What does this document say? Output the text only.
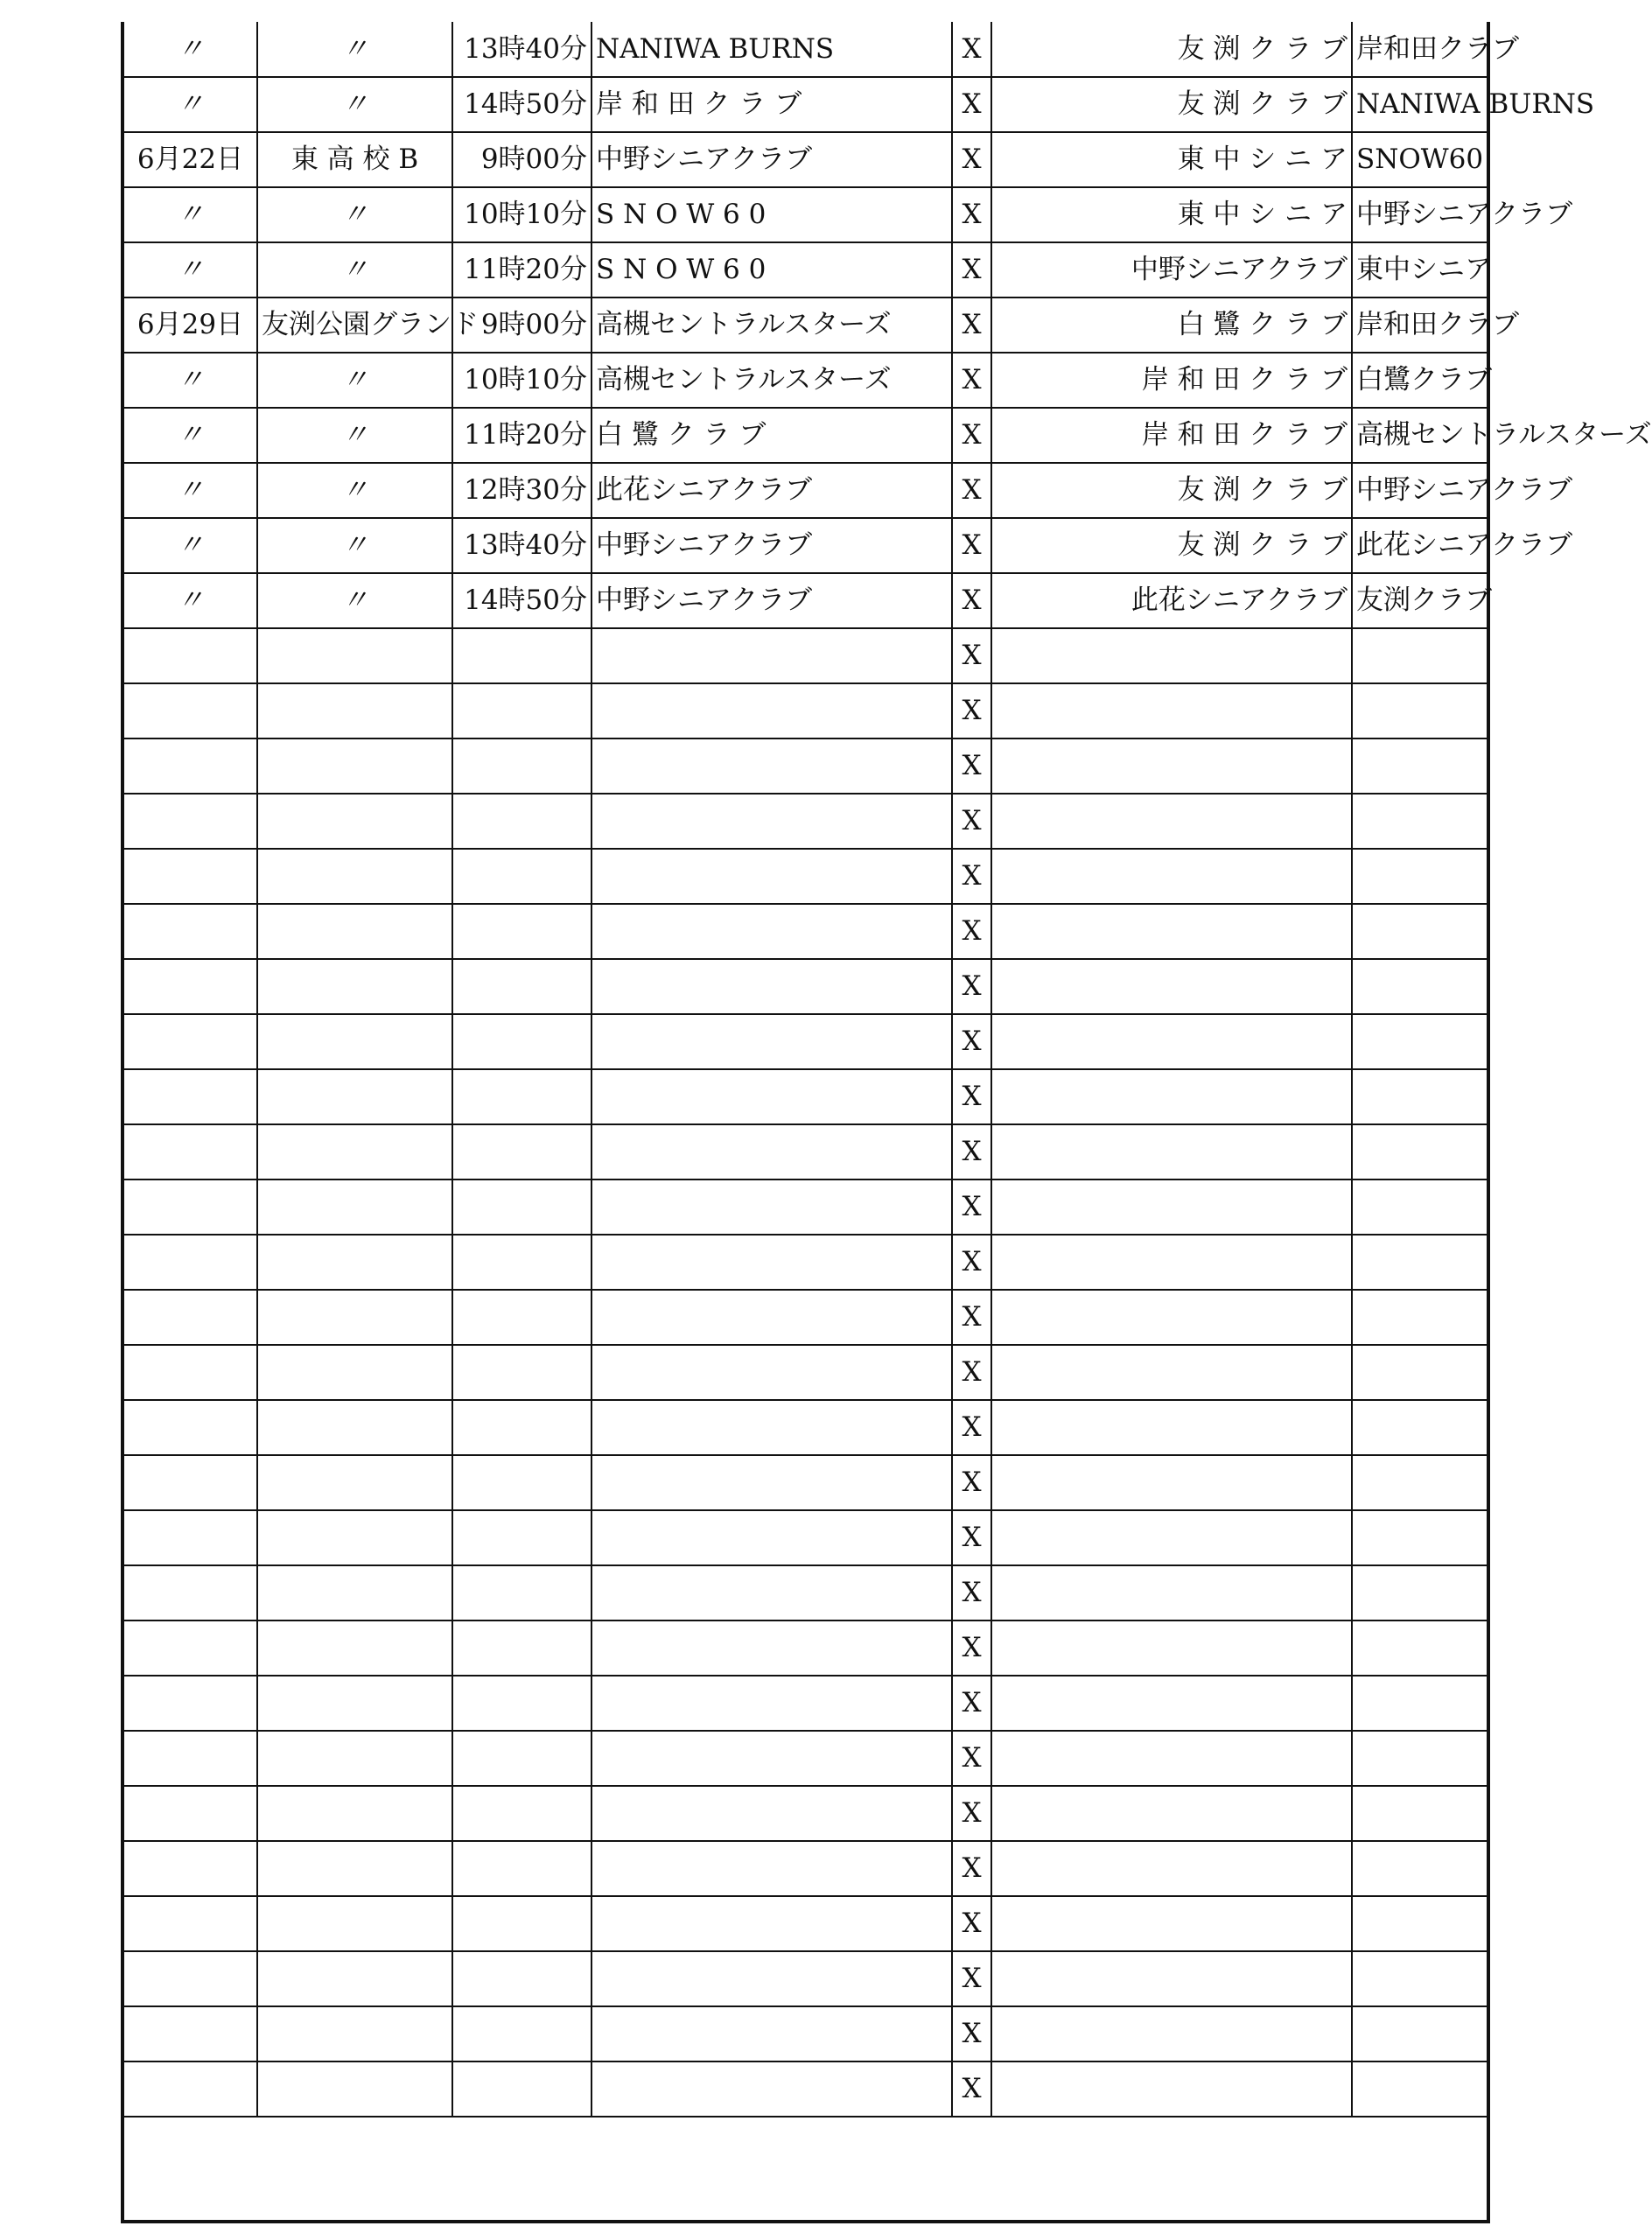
〃	〃	13時40分	NANIWA BURNS	X	友 渕 ク ラ ブ	岸和田クラブ
〃	〃	14時50分	岸 和 田 ク ラ ブ	X	友 渕 ク ラ ブ	NANIWA BURNS
6月22日	東 高 校 B	9時00分	中野シニアクラブ	X	東 中 シ ニ ア	SNOW60
〃	〃	10時10分	S N O W 6 0	X	東 中 シ ニ ア	中野シニアクラブ
〃	〃	11時20分	S N O W 6 0	X	中野シニアクラブ	東中シニア
6月29日	友渕公園グランド	9時00分	高槻セントラルスターズ	X	白 鷺 ク ラ ブ	岸和田クラブ
〃	〃	10時10分	高槻セントラルスターズ	X	岸 和 田 ク ラ ブ	白鷺クラブ
〃	〃	11時20分	白 鷺 ク ラ ブ	X	岸 和 田 ク ラ ブ	高槻セントラルスターズ
〃	〃	12時30分	此花シニアクラブ	X	友 渕 ク ラ ブ	中野シニアクラブ
〃	〃	13時40分	中野シニアクラブ	X	友 渕 ク ラ ブ	此花シニアクラブ
〃	〃	14時50分	中野シニアクラブ	X	此花シニアクラブ	友渕クラブ
				X		
				X		
				X		
				X		
				X		
				X		
				X		
				X		
				X		
				X		
				X		
				X		
				X		
				X		
				X		
				X		
				X		
				X		
				X		
				X		
				X		
				X		
				X		
				X		
				X		
				X		
				X		
